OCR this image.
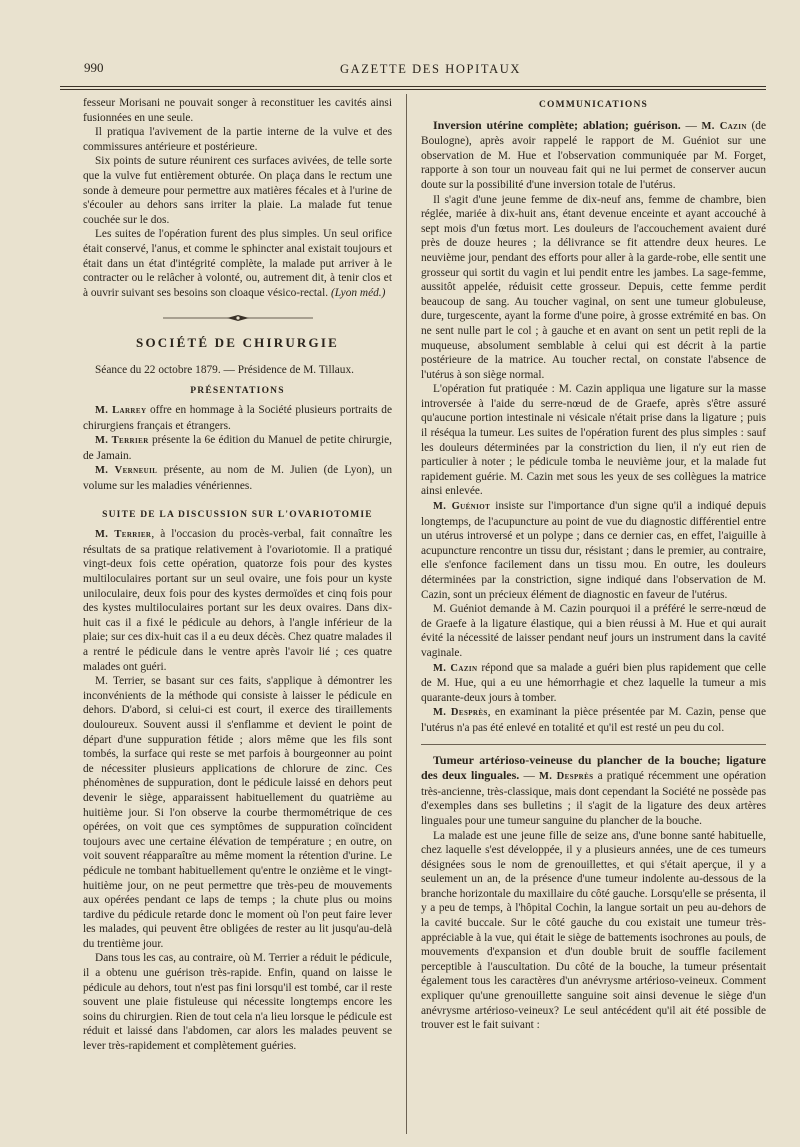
990	GAZETTE DES HOPITAUX

fesseur Morisani ne pouvait songer à reconstituer les cavités ainsi fusionnées en une seule.

Il pratiqua l'avivement de la partie interne de la vulve et des commissures antérieure et postérieure.

Six points de suture réunirent ces surfaces avivées, de telle sorte que la vulve fut entièrement obturée. On plaça dans le rectum une sonde à demeure pour permettre aux matières fécales et à l'urine de s'écouler au dehors sans irriter la plaie. La malade fut tenue couchée sur le dos.

Les suites de l'opération furent des plus simples. Un seul orifice était conservé, l'anus, et comme le sphincter anal existait toujours et était dans un état d'intégrité complète, la malade put arriver à le contracter ou le relâcher à volonté, ou, autrement dit, à tenir clos et à ouvrir suivant ses besoins son cloaque vésico-rectal. (Lyon méd.)

SOCIÉTÉ DE CHIRURGIE

Séance du 22 octobre 1879. — Présidence de M. Tillaux.

PRÉSENTATIONS

M. Larrey offre en hommage à la Société plusieurs portraits de chirurgiens français et étrangers.

M. Terrier présente la 6e édition du Manuel de petite chirurgie, de Jamain.

M. Verneuil présente, au nom de M. Julien (de Lyon), un volume sur les maladies vénériennes.

SUITE DE LA DISCUSSION SUR L'OVARIOTOMIE

M. Terrier, à l'occasion du procès-verbal, fait connaître les résultats de sa pratique relativement à l'ovariotomie. Il a pratiqué vingt-deux fois cette opération, quatorze fois pour des kystes multiloculaires portant sur un seul ovaire, une fois pour un kyste uniloculaire, deux fois pour des kystes dermoïdes et cinq fois pour des kystes multiloculaires portant sur les deux ovaires. Dans dix-huit cas il a fixé le pédicule au dehors, à l'angle inférieur de la plaie; sur ces dix-huit cas il a eu deux décès. Chez quatre malades il a rentré le pédicule dans le ventre après l'avoir lié ; ces quatre malades ont guéri.

M. Terrier, se basant sur ces faits, s'applique à démontrer les inconvénients de la méthode qui consiste à laisser le pédicule en dehors. D'abord, si celui-ci est court, il exerce des tiraillements douloureux. Souvent aussi il s'enflamme et devient le point de départ d'une suppuration fétide ; alors même que les fils sont tombés, la surface qui reste se met parfois à bourgeonner au point de nécessiter plusieurs applications de chlorure de zinc. Ces phénomènes de suppuration, dont le pédicule laissé en dehors peut devenir le siège, apparaissent habituellement du quatrième au huitième jour. Si l'on observe la courbe thermométrique de ces opérées, on voit que ces symptômes de suppuration coïncident toujours avec une certaine élévation de température ; en outre, on voit souvent réapparaître au même moment la rétention d'urine. Le pédicule ne tombant habituellement qu'entre le onzième et le vingt-huitième jour, on ne peut permettre que très-peu de mouvements aux opérées pendant ce laps de temps ; la chute plus ou moins tardive du pédicule retarde donc le moment où l'on peut faire lever les malades, qui peuvent être obligées de rester au lit jusqu'au-delà du trentième jour.

Dans tous les cas, au contraire, où M. Terrier a réduit le pédicule, il a obtenu une guérison très-rapide. Enfin, quand on laisse le pédicule au dehors, tout n'est pas fini lorsqu'il est tombé, car il reste souvent une plaie fistuleuse qui nécessite longtemps encore les soins du chirurgien. Rien de tout cela n'a lieu lorsque le pédicule est réduit et laissé dans l'abdomen, car alors les malades peuvent se lever très-rapidement et complètement guéries.

COMMUNICATIONS

Inversion utérine complète; ablation; guérison. — M. Cazin (de Boulogne), après avoir rappelé le rapport de M. Guéniot sur une observation de M. Hue et l'observation communiquée par M. Forget, rapporte à son tour un nouveau fait qui ne lui permet de conserver aucun doute sur la possibilité d'une inversion totale de l'utérus.

Il s'agit d'une jeune femme de dix-neuf ans, femme de chambre, bien réglée, mariée à dix-huit ans, étant devenue enceinte et ayant accouché à sept mois d'un fœtus mort. Les douleurs de l'accouchement avaient duré près de douze heures ; la délivrance se fit attendre deux heures. Le neuvième jour, pendant des efforts pour aller à la garde-robe, elle sentit une grosseur qui sortit du vagin et lui pendit entre les jambes. La sage-femme, aussitôt appelée, réduisit cette grosseur. Depuis, cette femme perdit beaucoup de sang. Au toucher vaginal, on sent une tumeur globuleuse, dure, turgescente, ayant la forme d'une poire, à grosse extrémité en bas. On ne sent nulle part le col ; à gauche et en avant on sent un petit repli de la muqueuse, absolument semblable à celui qui est décrit à la partie postérieure de la matrice. Au toucher rectal, on constate l'absence de l'utérus à son siège normal.

L'opération fut pratiquée : M. Cazin appliqua une ligature sur la masse introversée à l'aide du serre-nœud de de Graefe, après s'être assuré qu'aucune portion intestinale ni vésicale n'était prise dans la ligature ; puis il réséqua la tumeur. Les suites de l'opération furent des plus simples : sauf les douleurs déterminées par la constriction du lien, il n'y eut rien de particulier à noter ; le pédicule tomba le neuvième jour, et la malade fut rapidement guérie. M. Cazin met sous les yeux de ses collègues la matrice ainsi enlevée.

M. Guéniot insiste sur l'importance d'un signe qu'il a indiqué depuis longtemps, de l'acupuncture au point de vue du diagnostic différentiel entre un utérus introversé et un polype ; dans ce dernier cas, en effet, l'aiguille à acupuncture rencontre un tissu dur, résistant ; dans le premier, au contraire, elle s'enfonce facilement dans un tissu mou. En outre, les douleurs déterminées par la constriction, signe indiqué dans l'observation de M. Cazin, sont un précieux élément de diagnostic en faveur de l'utérus.

M. Guéniot demande à M. Cazin pourquoi il a préféré le serre-nœud de de Graefe à la ligature élastique, qui a bien réussi à M. Hue et qui aurait évité la nécessité de laisser pendant neuf jours un instrument dans la cavité vaginale.

M. Cazin répond que sa malade a guéri bien plus rapidement que celle de M. Hue, qui a eu une hémorrhagie et chez laquelle la tumeur a mis quarante-deux jours à tomber.

M. Desprès, en examinant la pièce présentée par M. Cazin, pense que l'utérus n'a pas été enlevé en totalité et qu'il est resté un peu du col.

Tumeur artérioso-veineuse du plancher de la bouche; ligature des deux linguales. — M. Desprès a pratiqué récemment une opération très-ancienne, très-classique, mais dont cependant la Société ne possède pas d'exemples dans ses bulletins ; il s'agit de la ligature des deux artères linguales pour une tumeur sanguine du plancher de la bouche.

La malade est une jeune fille de seize ans, d'une bonne santé habituelle, chez laquelle s'est développée, il y a plusieurs années, une de ces tumeurs désignées sous le nom de grenouillettes, et qui s'était aperçue, il y a seulement un an, de la présence d'une tumeur indolente au-dessous de la branche horizontale du maxillaire du côté gauche. Lorsqu'elle se présenta, il y a peu de temps, à l'hôpital Cochin, la langue sortait un peu au-dehors de la cavité buccale. Sur le côté gauche du cou existait une tumeur très-appréciable à la vue, qui était le siège de battements isochrones au pouls, de mouvements d'expansion et d'un double bruit de souffle facilement perceptible à l'auscultation. Du côté de la bouche, la tumeur présentait également tous les caractères d'un anévrysme artérioso-veineux. Comment expliquer qu'une grenouillette sanguine soit ainsi devenue le siège d'un anévrysme artérioso-veineux? Le seul antécédent qu'il ait été possible de trouver est le fait suivant :
